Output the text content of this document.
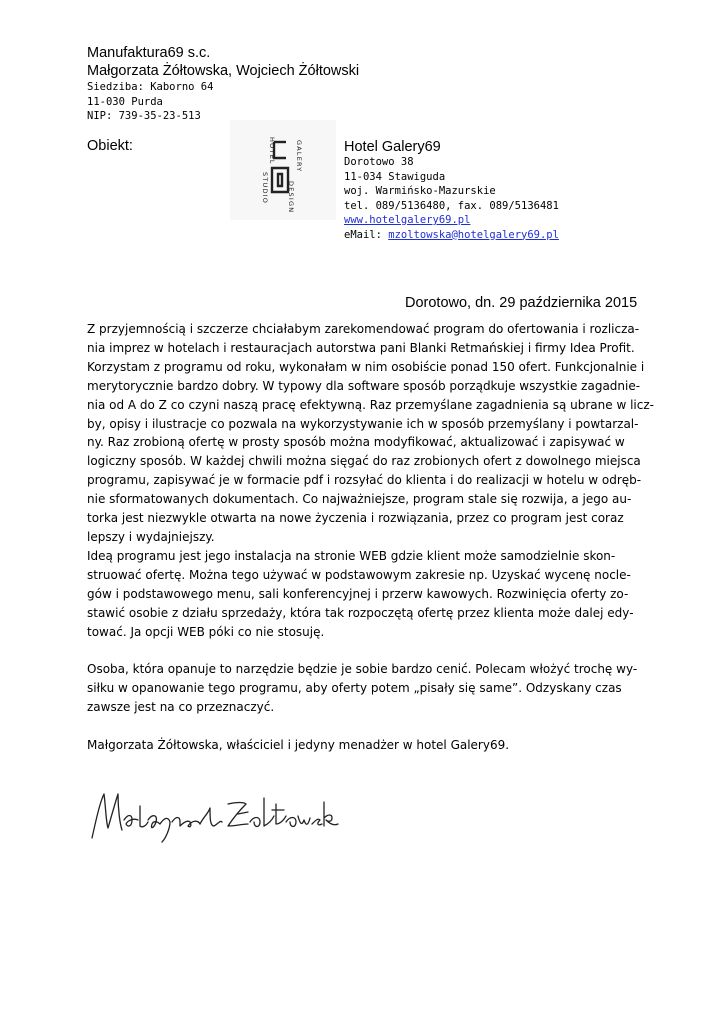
Manufaktura69 s.c.
Małgorzata Żółtowska, Wojciech Żółtowski
Siedziba: Kaborno 64
11-030 Purda
NIP: 739-35-23-513
Obiekt:	HOTEL
STUDIO
GALERY
DESIGN
Hotel Galery69
Dorotowo 38
11-034 Stawiguda
woj. Warmińsko-Mazurskie
tel. 089/5136480, fax. 089/5136481
www.hotelgalery69.pl
eMail: mzoltowska@hotelgalery69.pl
Dorotowo, dn. 29 października 2015

Z przyjemnością i szczerze chciałabym zarekomendować program do ofertowania i rozlicza-

nia imprez w hotelach i restauracjach autorstwa pani Blanki Retmańskiej i firmy Idea Profit.

Korzystam z programu od roku, wykonałam w nim osobiście ponad 150 ofert. Funkcjonalnie i

merytorycznie bardzo dobry. W typowy dla software sposób porządkuje wszystkie zagadnie-

nia od A do Z co czyni naszą pracę efektywną. Raz przemyślane zagadnienia są ubrane w licz-

by, opisy i ilustracje co pozwala na wykorzystywanie ich w sposób przemyślany i powtarzal-

ny. Raz zrobioną ofertę w prosty sposób można modyfikować, aktualizować i zapisywać w

logiczny sposób. W każdej chwili można sięgać do raz zrobionych ofert z dowolnego miejsca

programu, zapisywać je w formacie pdf i rozsyłać do klienta i do realizacji w hotelu w odręb-

nie sformatowanych dokumentach. Co najważniejsze, program stale się rozwija, a jego au-

torka jest niezwykle otwarta na nowe życzenia i rozwiązania, przez co program jest coraz

lepszy i wydajniejszy.

Ideą programu jest jego instalacja na stronie WEB gdzie klient może samodzielnie skon-

struować ofertę. Można tego używać w podstawowym zakresie np. Uzyskać wycenę nocle-

gów i podstawowego menu, sali konferencyjnej i przerw kawowych. Rozwinięcia oferty zo-

stawić osobie z działu sprzedaży, która tak rozpoczętą ofertę przez klienta może dalej edy-

tować. Ja opcji WEB póki co nie stosuję.

Osoba, która opanuje to narzędzie będzie je sobie bardzo cenić. Polecam włożyć trochę wy-

siłku w opanowanie tego programu, aby oferty potem „pisały się same”. Odzyskany czas

zawsze jest na co przeznaczyć.

Małgorzata Żółtowska, właściciel i jedyny menadżer w hotel Galery69.
